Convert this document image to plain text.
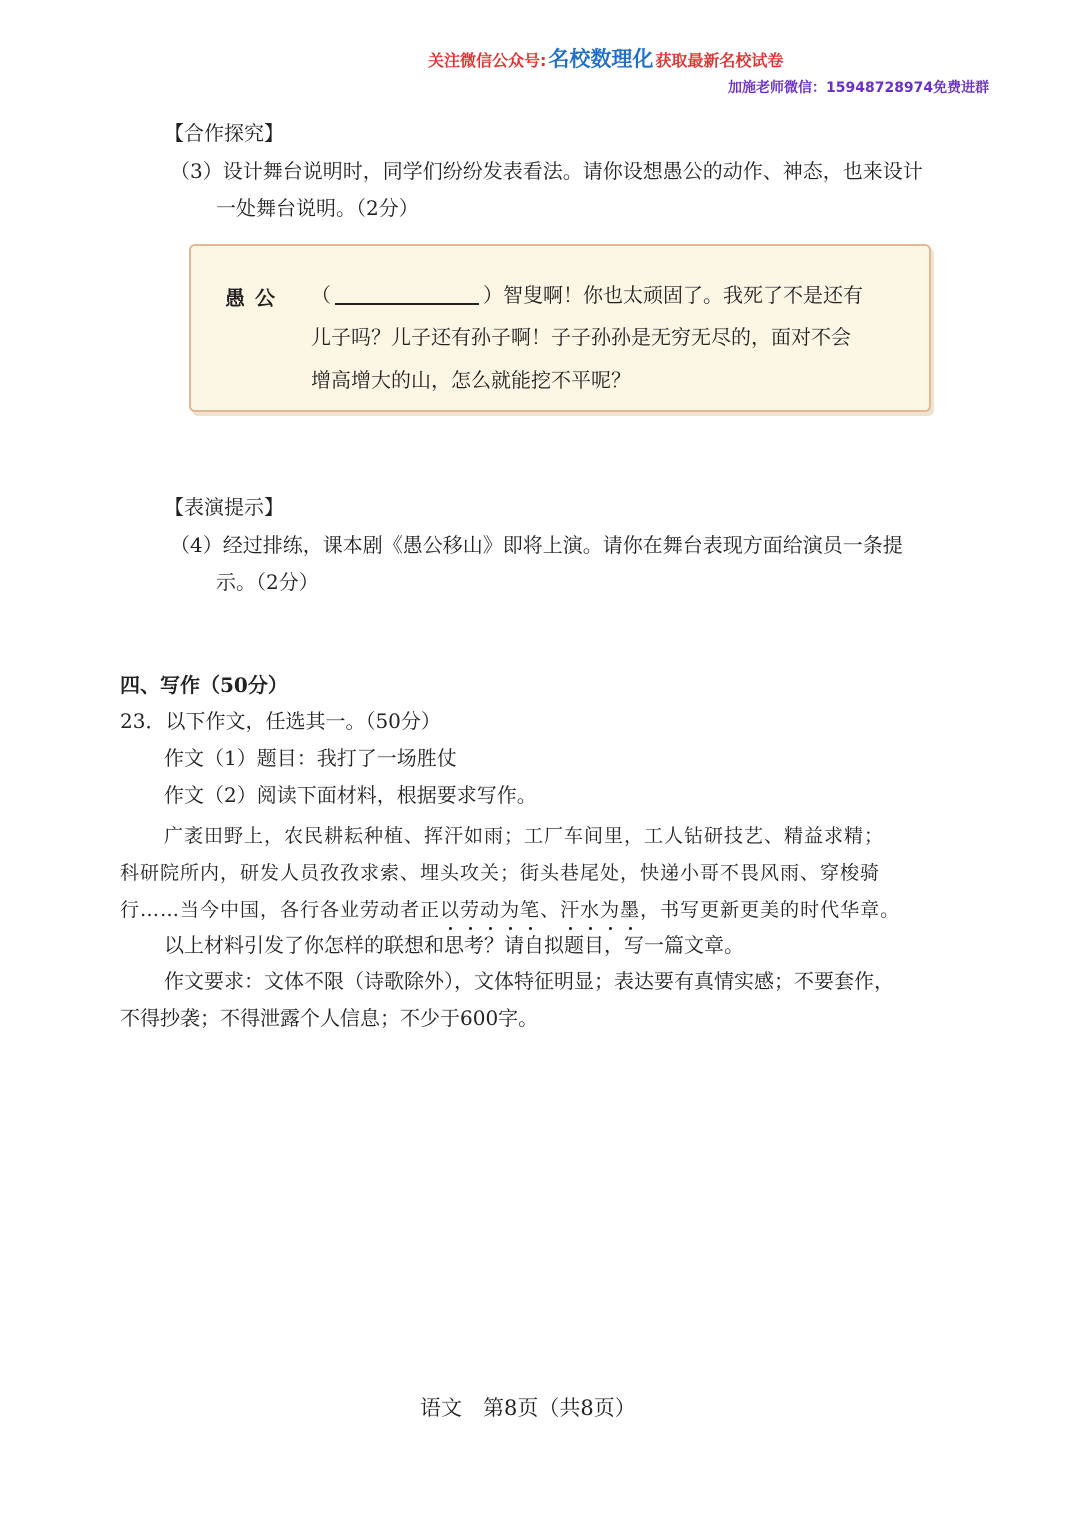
关注微信公众号:名校数理化 获取最新名校试卷
加施老师微信：15948728974免费进群
【合作探究】
（3）设计舞台说明时，同学们纷纷发表看法。请你设想愚公的动作、神态，也来设计
一处舞台说明。（2分）
愚公 （	）智叟啊！你也太顽固了。我死了不是还有
儿子吗？儿子还有孙子啊！子子孙孙是无穷无尽的，面对不会
增高增大的山，怎么就能挖不平呢？
【表演提示】
（4）经过排练，课本剧《愚公移山》即将上演。请你在舞台表现方面给演员一条提
示。（2分）
四、写作（50分）
23．以下作文，任选其一。（50分）
作文（1）题目：我打了一场胜仗
作文（2）阅读下面材料，根据要求写作。
广袤田野上，农民耕耘种植、挥汗如雨；工厂车间里，工人钻研技艺、精益求精；
科研院所内，研发人员孜孜求索、埋头攻关；街头巷尾处，快递小哥不畏风雨、穿梭骑
行……当今中国，各行各业劳动者正以劳动为笔、汗水为墨，书写更新更美的时代华章。
以上材料引发了你怎样的联想和思考？请自拟题目，写一篇文章。
作文要求：文体不限（诗歌除外），文体特征明显；表达要有真情实感；不要套作，
不得抄袭；不得泄露个人信息；不少于600字。
语文　第8页（共8页）
